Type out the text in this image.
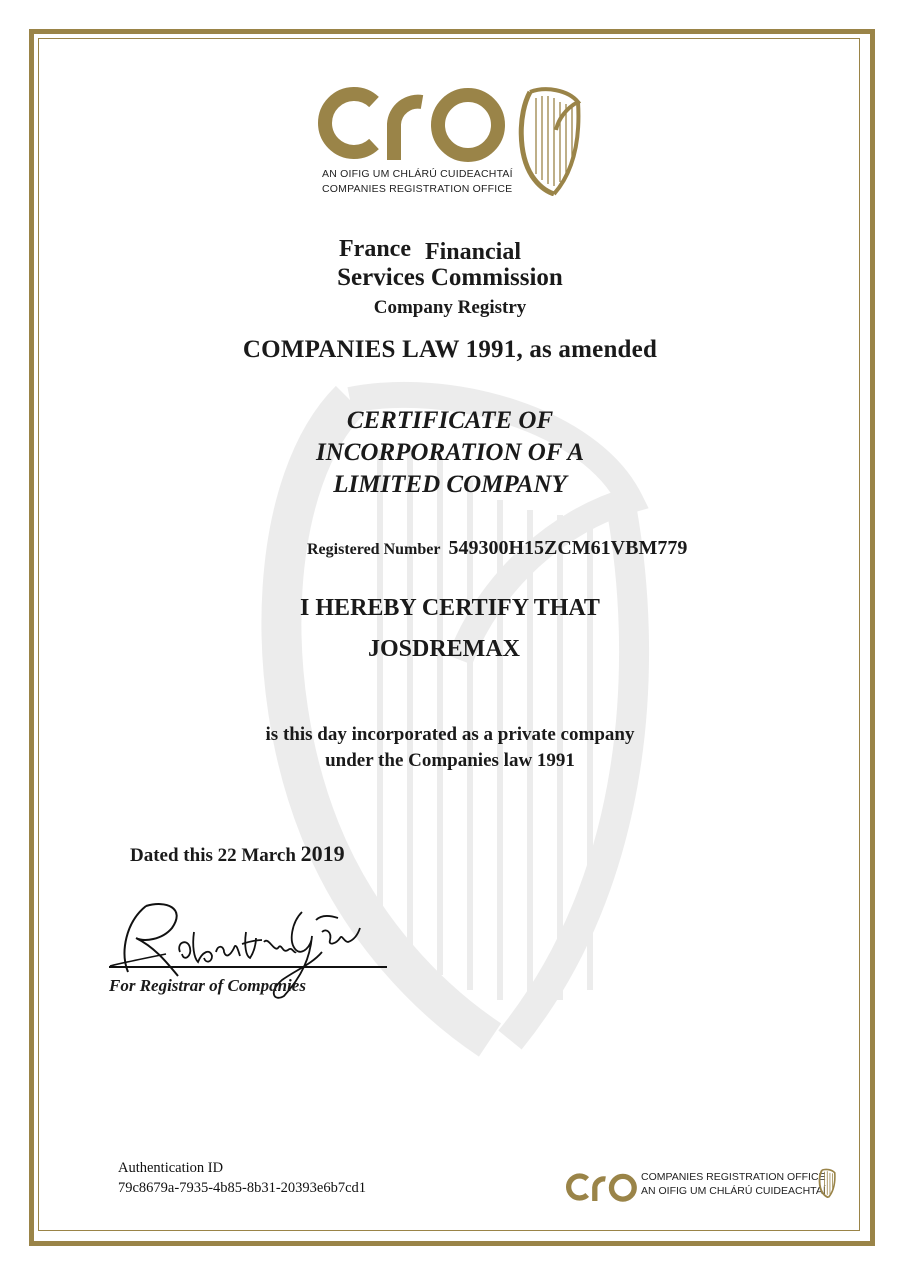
AN OIFIG UM CHLÁRÚ CUIDEACHTAÍ
COMPANIES REGISTRATION OFFICE
France Financial
Services Commission
Company Registry
COMPANIES LAW 1991, as amended
CERTIFICATE OF
INCORPORATION OF A
LIMITED COMPANY
Registered Number 549300H15ZCM61VBM779
I HEREBY CERTIFY THAT
JOSDREMAX
is this day incorporated as a private company
under the Companies law 1991
Dated this 22 March 2019
For Registrar of Companies
Authentication ID
79c8679a-7935-4b85-8b31-20393e6b7cd1
COMPANIES REGISTRATION OFFICE
AN OIFIG UM CHLÁRÚ CUIDEACHTAÍ
